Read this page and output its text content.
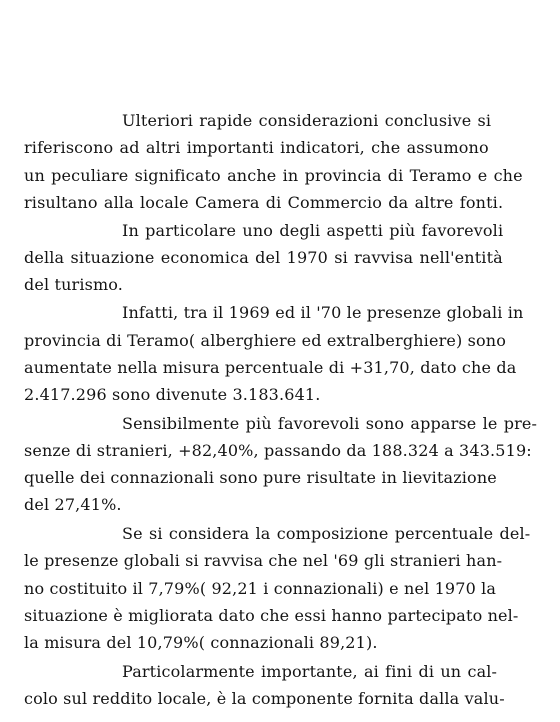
Ulteriori rapide considerazioni conclusive si
riferiscono ad altri importanti indicatori, che assumono
un peculiare significato anche in provincia di Teramo e che
risultano alla locale Camera di Commercio da altre fonti.
In particolare uno degli aspetti più favorevoli
della situazione economica del 1970 si ravvisa nell'entità
del turismo.
Infatti, tra il 1969 ed il '70 le presenze globali in
provincia di Teramo( alberghiere ed extralberghiere) sono
aumentate nella misura percentuale di +31,70, dato che da
2.417.296 sono divenute 3.183.641.
Sensibilmente più favorevoli sono apparse le pre-
senze di stranieri, +82,40%, passando da 188.324 a 343.519:
quelle dei connazionali sono pure risultate in lievitazione
del 27,41%.
Se si considera la composizione percentuale del-
le presenze globali si ravvisa che nel '69 gli stranieri han-
no costituito il 7,79%( 92,21 i connazionali) e nel 1970 la
situazione è migliorata dato che essi hanno partecipato nel-
la misura del 10,79%( connazionali 89,21).
Particolarmente importante, ai fini di un cal-
colo sul reddito locale, è la componente fornita dalla valu-
